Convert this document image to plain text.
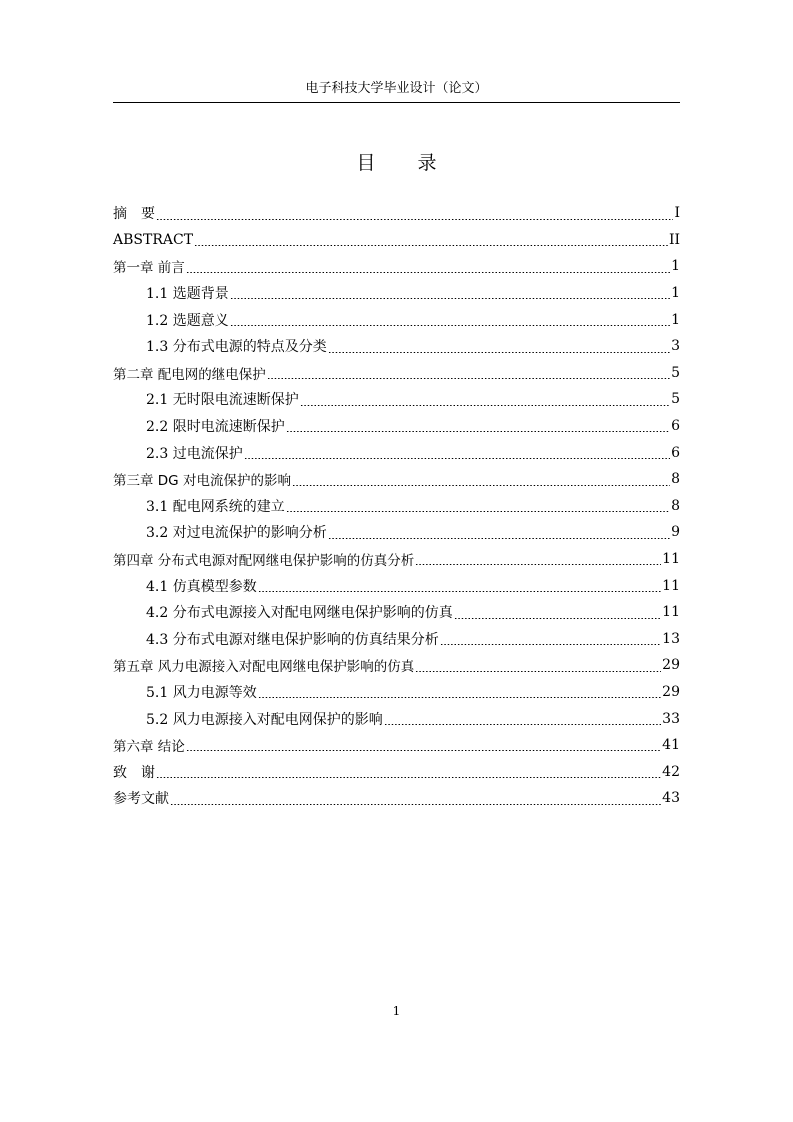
电子科技大学毕业设计（论文）
目 录
摘　要	I
ABSTRACT	II
第一章 前言	1
1.1 选题背景	1
1.2 选题意义	1
1.3 分布式电源的特点及分类	3
第二章 配电网的继电保护	5
2.1 无时限电流速断保护	5
2.2 限时电流速断保护	6
2.3 过电流保护	6
第三章 DG 对电流保护的影响	8
3.1 配电网系统的建立	8
3.2 对过电流保护的影响分析	9
第四章 分布式电源对配网继电保护影响的仿真分析	11
4.1 仿真模型参数	11
4.2 分布式电源接入对配电网继电保护影响的仿真	11
4.3 分布式电源对继电保护影响的仿真结果分析	13
第五章 风力电源接入对配电网继电保护影响的仿真	29
5.1 风力电源等效	29
5.2 风力电源接入对配电网保护的影响	33
第六章 结论	41
致　谢	42
参考文献	43
1
